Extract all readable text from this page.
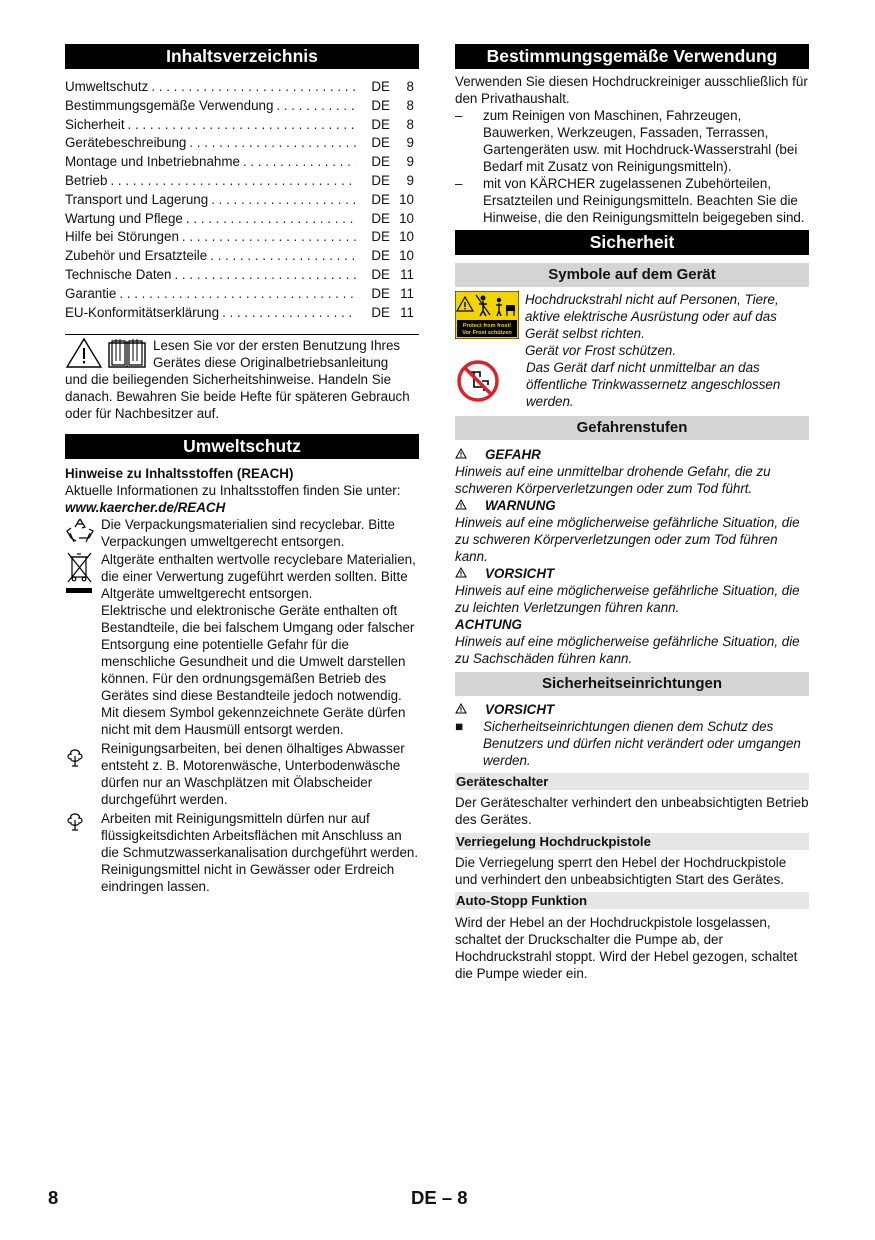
Inhaltsverzeichnis
Umweltschutz . . .	DE	8
Bestimmungsgemäße Verwendung . . .	DE	8
Sicherheit . . .	DE	8
Gerätebeschreibung . . .	DE	9
Montage und Inbetriebnahme . . .	DE	9
Betrieb . . .	DE	9
Transport und Lagerung . . .	DE 10
Wartung und Pflege . . .	DE 10
Hilfe bei Störungen . . .	DE 10
Zubehör und Ersatzteile . . .	DE 10
Technische Daten . . .	DE 11
Garantie . . .	DE 11
EU-Konformitätserklärung . . .	DE 11

Lesen Sie vor der ersten Benutzung Ihres Gerätes diese Originalbetriebsanleitung

und die beiliegenden Sicherheitshinweise. Handeln Sie danach. Bewahren Sie beide Hefte für späteren Gebrauch oder für Nachbesitzer auf.

Umweltschutz

Hinweise zu Inhaltsstoffen (REACH)

Aktuelle Informationen zu Inhaltsstoffen finden Sie unter:

www.kaercher.de/REACH

Die Verpackungsmaterialien sind recyclebar. Bitte Verpackungen umweltgerecht entsorgen.

Altgeräte enthalten wertvolle recyclebare Materialien, die einer Verwertung zugeführt werden sollten. Bitte Altgeräte umweltgerecht entsorgen.

Elektrische und elektronische Geräte enthalten oft Bestandteile, die bei falschem Umgang oder falscher Entsorgung eine potentielle Gefahr für die menschliche Gesundheit und die Umwelt darstellen können. Für den ordnungsgemäßen Betrieb des Gerätes sind diese Bestandteile jedoch notwendig. Mit diesem Symbol gekennzeichnete Geräte dürfen nicht mit dem Hausmüll entsorgt werden.

Reinigungsarbeiten, bei denen ölhaltiges Abwasser entsteht z. B. Motorenwäsche, Unterbodenwäsche dürfen nur an Waschplätzen mit Ölabscheider durchgeführt werden.

Arbeiten mit Reinigungsmitteln dürfen nur auf flüssigkeitsdichten Arbeitsflächen mit Anschluss an die Schmutzwasserkanalisation durchgeführt werden. Reinigungsmittel nicht in Gewässer oder Erdreich eindringen lassen.

Bestimmungsgemäße Verwendung

Verwenden Sie diesen Hochdruckreiniger ausschließlich für den Privathaushalt.

–	zum Reinigen von Maschinen, Fahrzeugen, Bauwerken, Werkzeugen, Fassaden, Terrassen, Gartengeräten usw. mit Hochdruck-Wasserstrahl (bei Bedarf mit Zusatz von Reinigungsmitteln).
–	mit von KÄRCHER zugelassenen Zubehörteilen, Ersatzteilen und Reinigungsmitteln. Beachten Sie die Hinweise, die den Reinigungsmitteln beigegeben sind.
Sicherheit
Symbole auf dem Gerät
Protect from frost!
Vor Frost schützen

Hochdruckstrahl nicht auf Personen, Tiere, aktive elektrische Ausrüstung oder auf das Gerät selbst richten.

Gerät vor Frost schützen.

Das Gerät darf nicht unmittelbar an das öffentliche Trinkwassernetz angeschlossen werden.

Gefahrenstufen
GEFAHR

Hinweis auf eine unmittelbar drohende Gefahr, die zu schweren Körperverletzungen oder zum Tod führt.

WARNUNG

Hinweis auf eine möglicherweise gefährliche Situation, die zu schweren Körperverletzungen oder zum Tod führen kann.

VORSICHT

Hinweis auf eine möglicherweise gefährliche Situation, die zu leichten Verletzungen führen kann.

ACHTUNG

Hinweis auf eine möglicherweise gefährliche Situation, die zu Sachschäden führen kann.

Sicherheitseinrichtungen
VORSICHT
■	Sicherheitseinrichtungen dienen dem Schutz des Benutzers und dürfen nicht verändert oder umgangen werden.
Geräteschalter

Der Geräteschalter verhindert den unbeabsichtigten Betrieb des Gerätes.

Verriegelung Hochdruckpistole

Die Verriegelung sperrt den Hebel der Hochdruckpistole und verhindert den unbeabsichtigten Start des Gerätes.

Auto-Stopp Funktion

Wird der Hebel an der Hochdruckpistole losgelassen, schaltet der Druckschalter die Pumpe ab, der Hochdruckstrahl stoppt. Wird der Hebel gezogen, schaltet die Pumpe wieder ein.

8	DE – 8
